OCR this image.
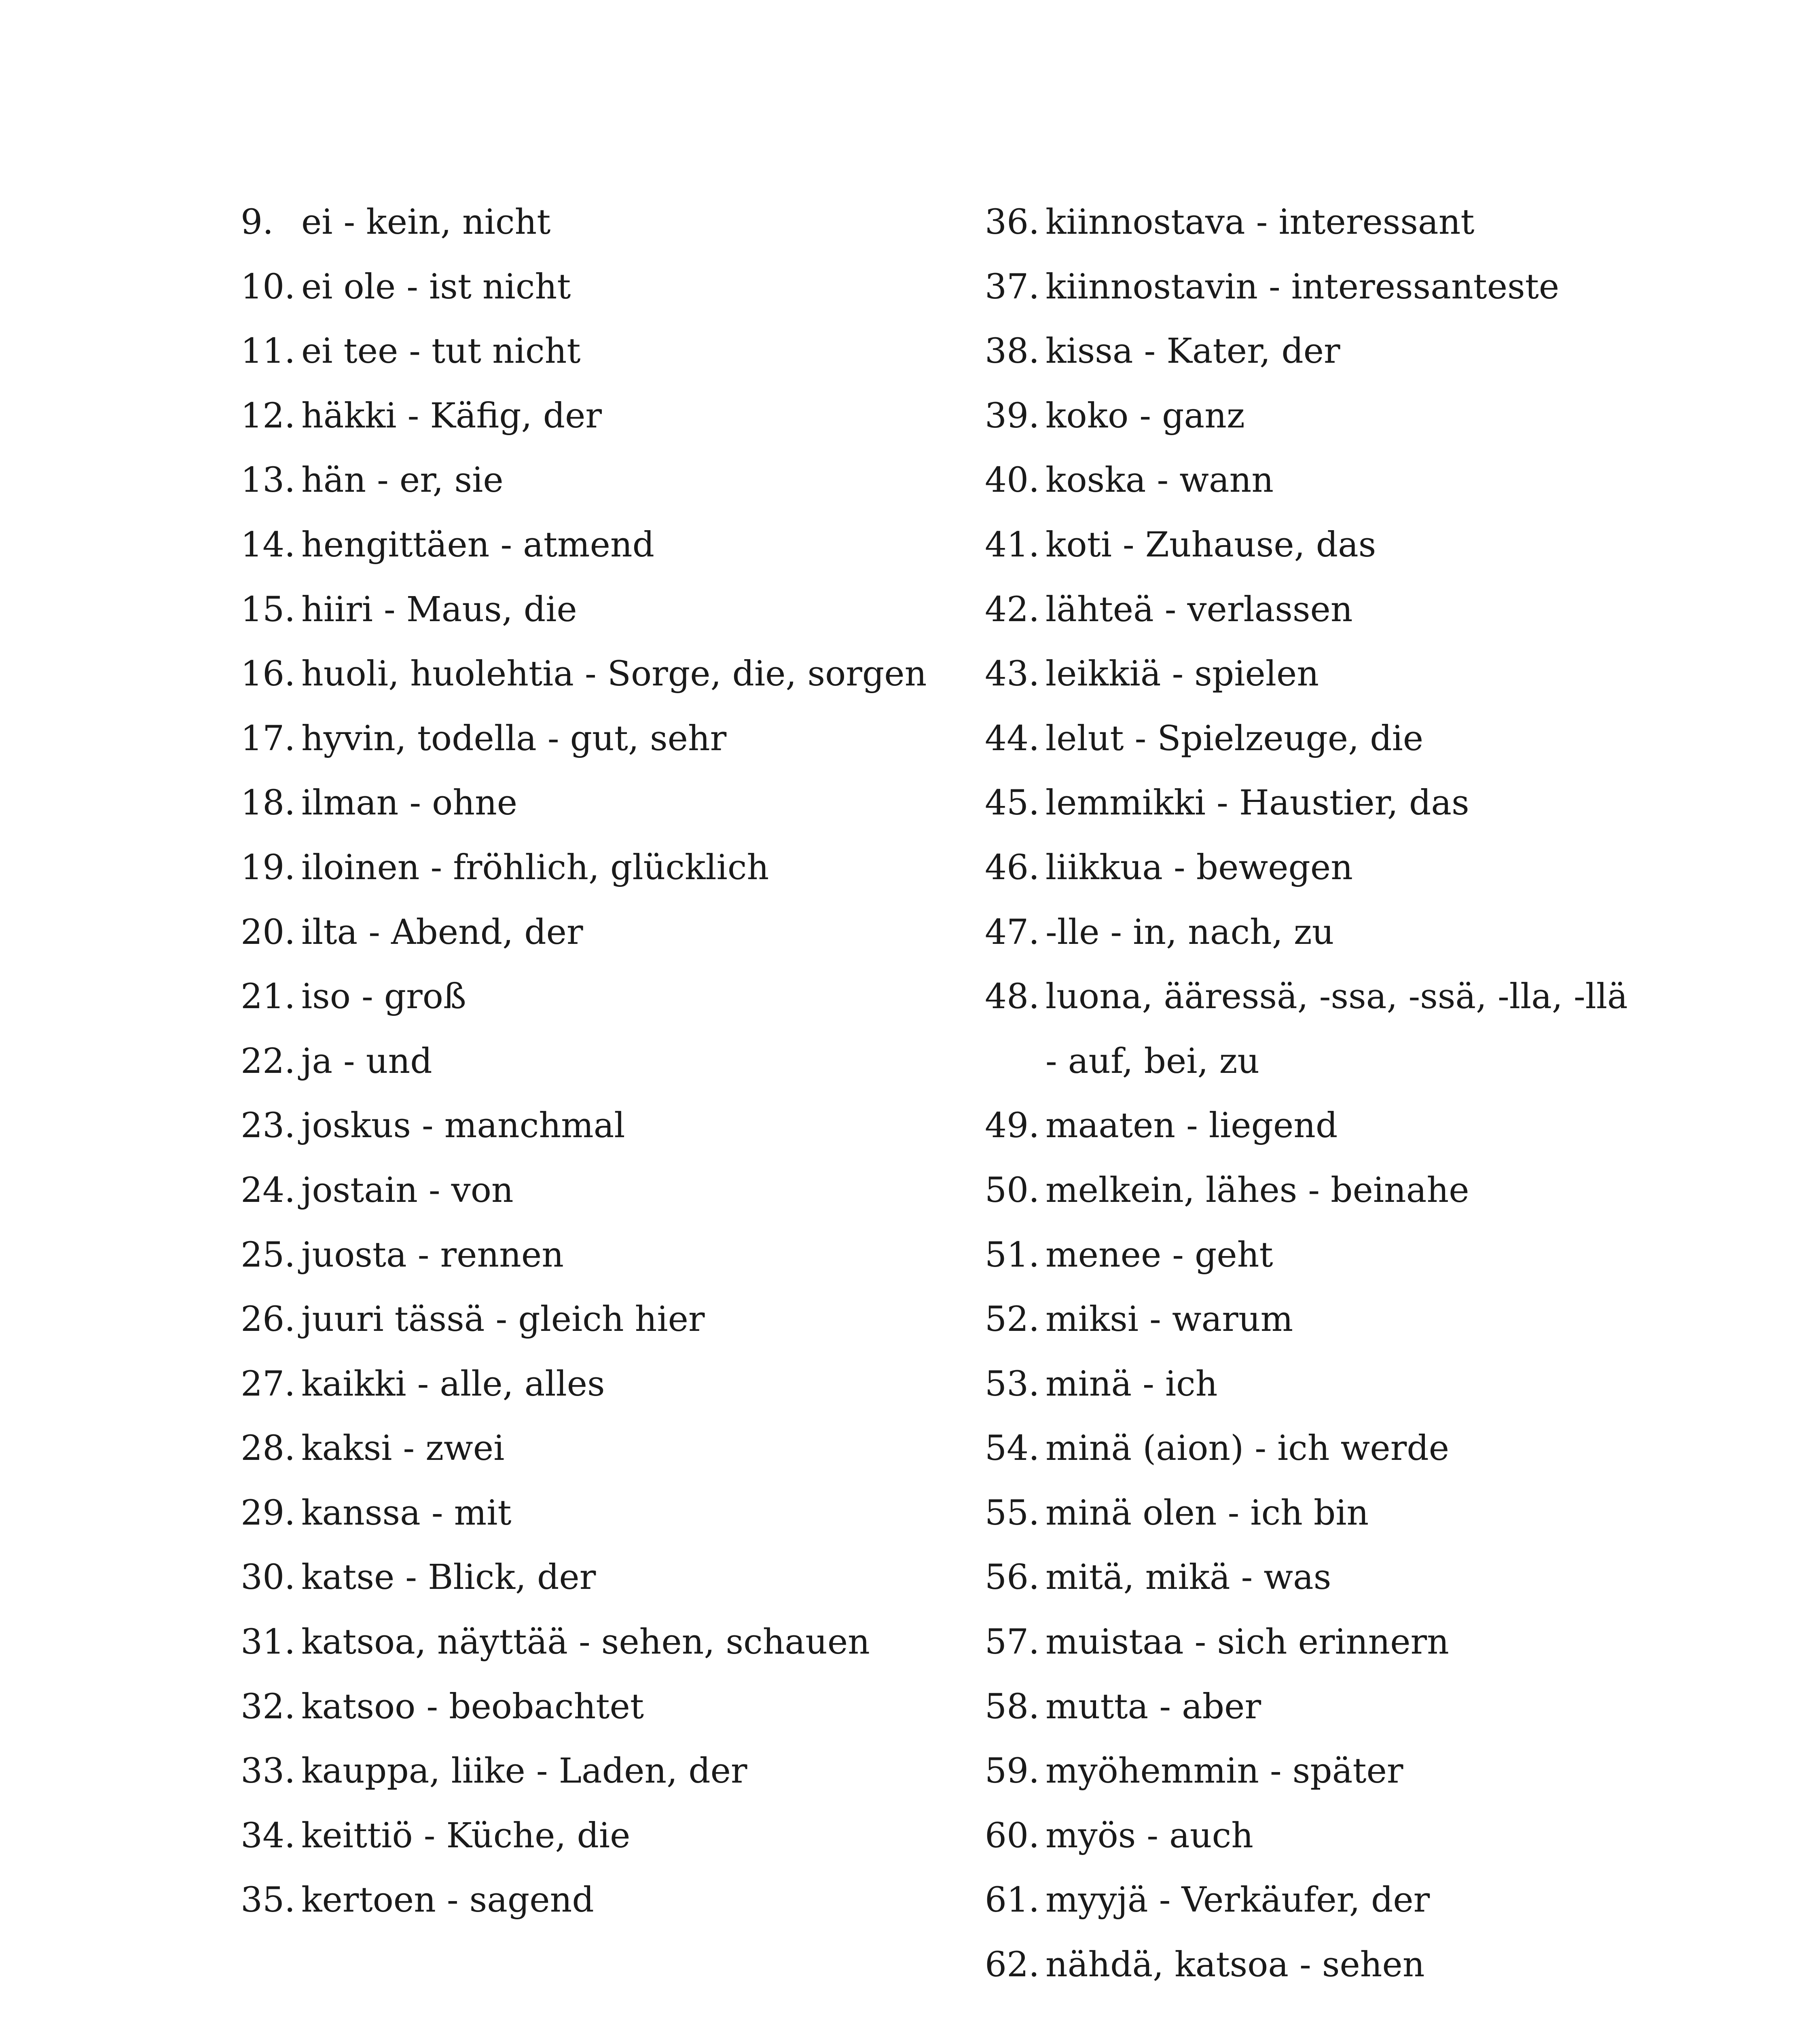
9. ei - kein, nicht
10. ei ole - ist nicht
11. ei tee - tut nicht
12. häkki - Käfig, der
13. hän - er, sie
14. hengittäen - atmend
15. hiiri - Maus, die
16. huoli, huolehtia - Sorge, die, sorgen
17. hyvin, todella - gut, sehr
18. ilman - ohne
19. iloinen - fröhlich, glücklich
20. ilta - Abend, der
21. iso - groß
22. ja - und
23. joskus - manchmal
24. jostain - von
25. juosta - rennen
26. juuri tässä - gleich hier
27. kaikki - alle, alles
28. kaksi - zwei
29. kanssa - mit
30. katse - Blick, der
31. katsoa, näyttää - sehen, schauen
32. katsoo - beobachtet
33. kauppa, liike - Laden, der
34. keittiö - Küche, die
35. kertoen - sagend
36. kiinnostava - interessant
37. kiinnostavin - interessanteste
38. kissa - Kater, der
39. koko - ganz
40. koska - wann
41. koti - Zuhause, das
42. lähteä - verlassen
43. leikkiä - spielen
44. lelut - Spielzeuge, die
45. lemmikki - Haustier, das
46. liikkua - bewegen
47. -lle - in, nach, zu
48. luona, ääressä, -ssa, -ssä, -lla, -llä - auf, bei, zu
49. maaten - liegend
50. melkein, lähes - beinahe
51. menee - geht
52. miksi - warum
53. minä - ich
54. minä (aion) - ich werde
55. minä olen - ich bin
56. mitä, mikä - was
57. muistaa - sich erinnern
58. mutta - aber
59. myöhemmin - später
60. myös - auch
61. myyjä - Verkäufer, der
62. nähdä, katsoa - sehen
